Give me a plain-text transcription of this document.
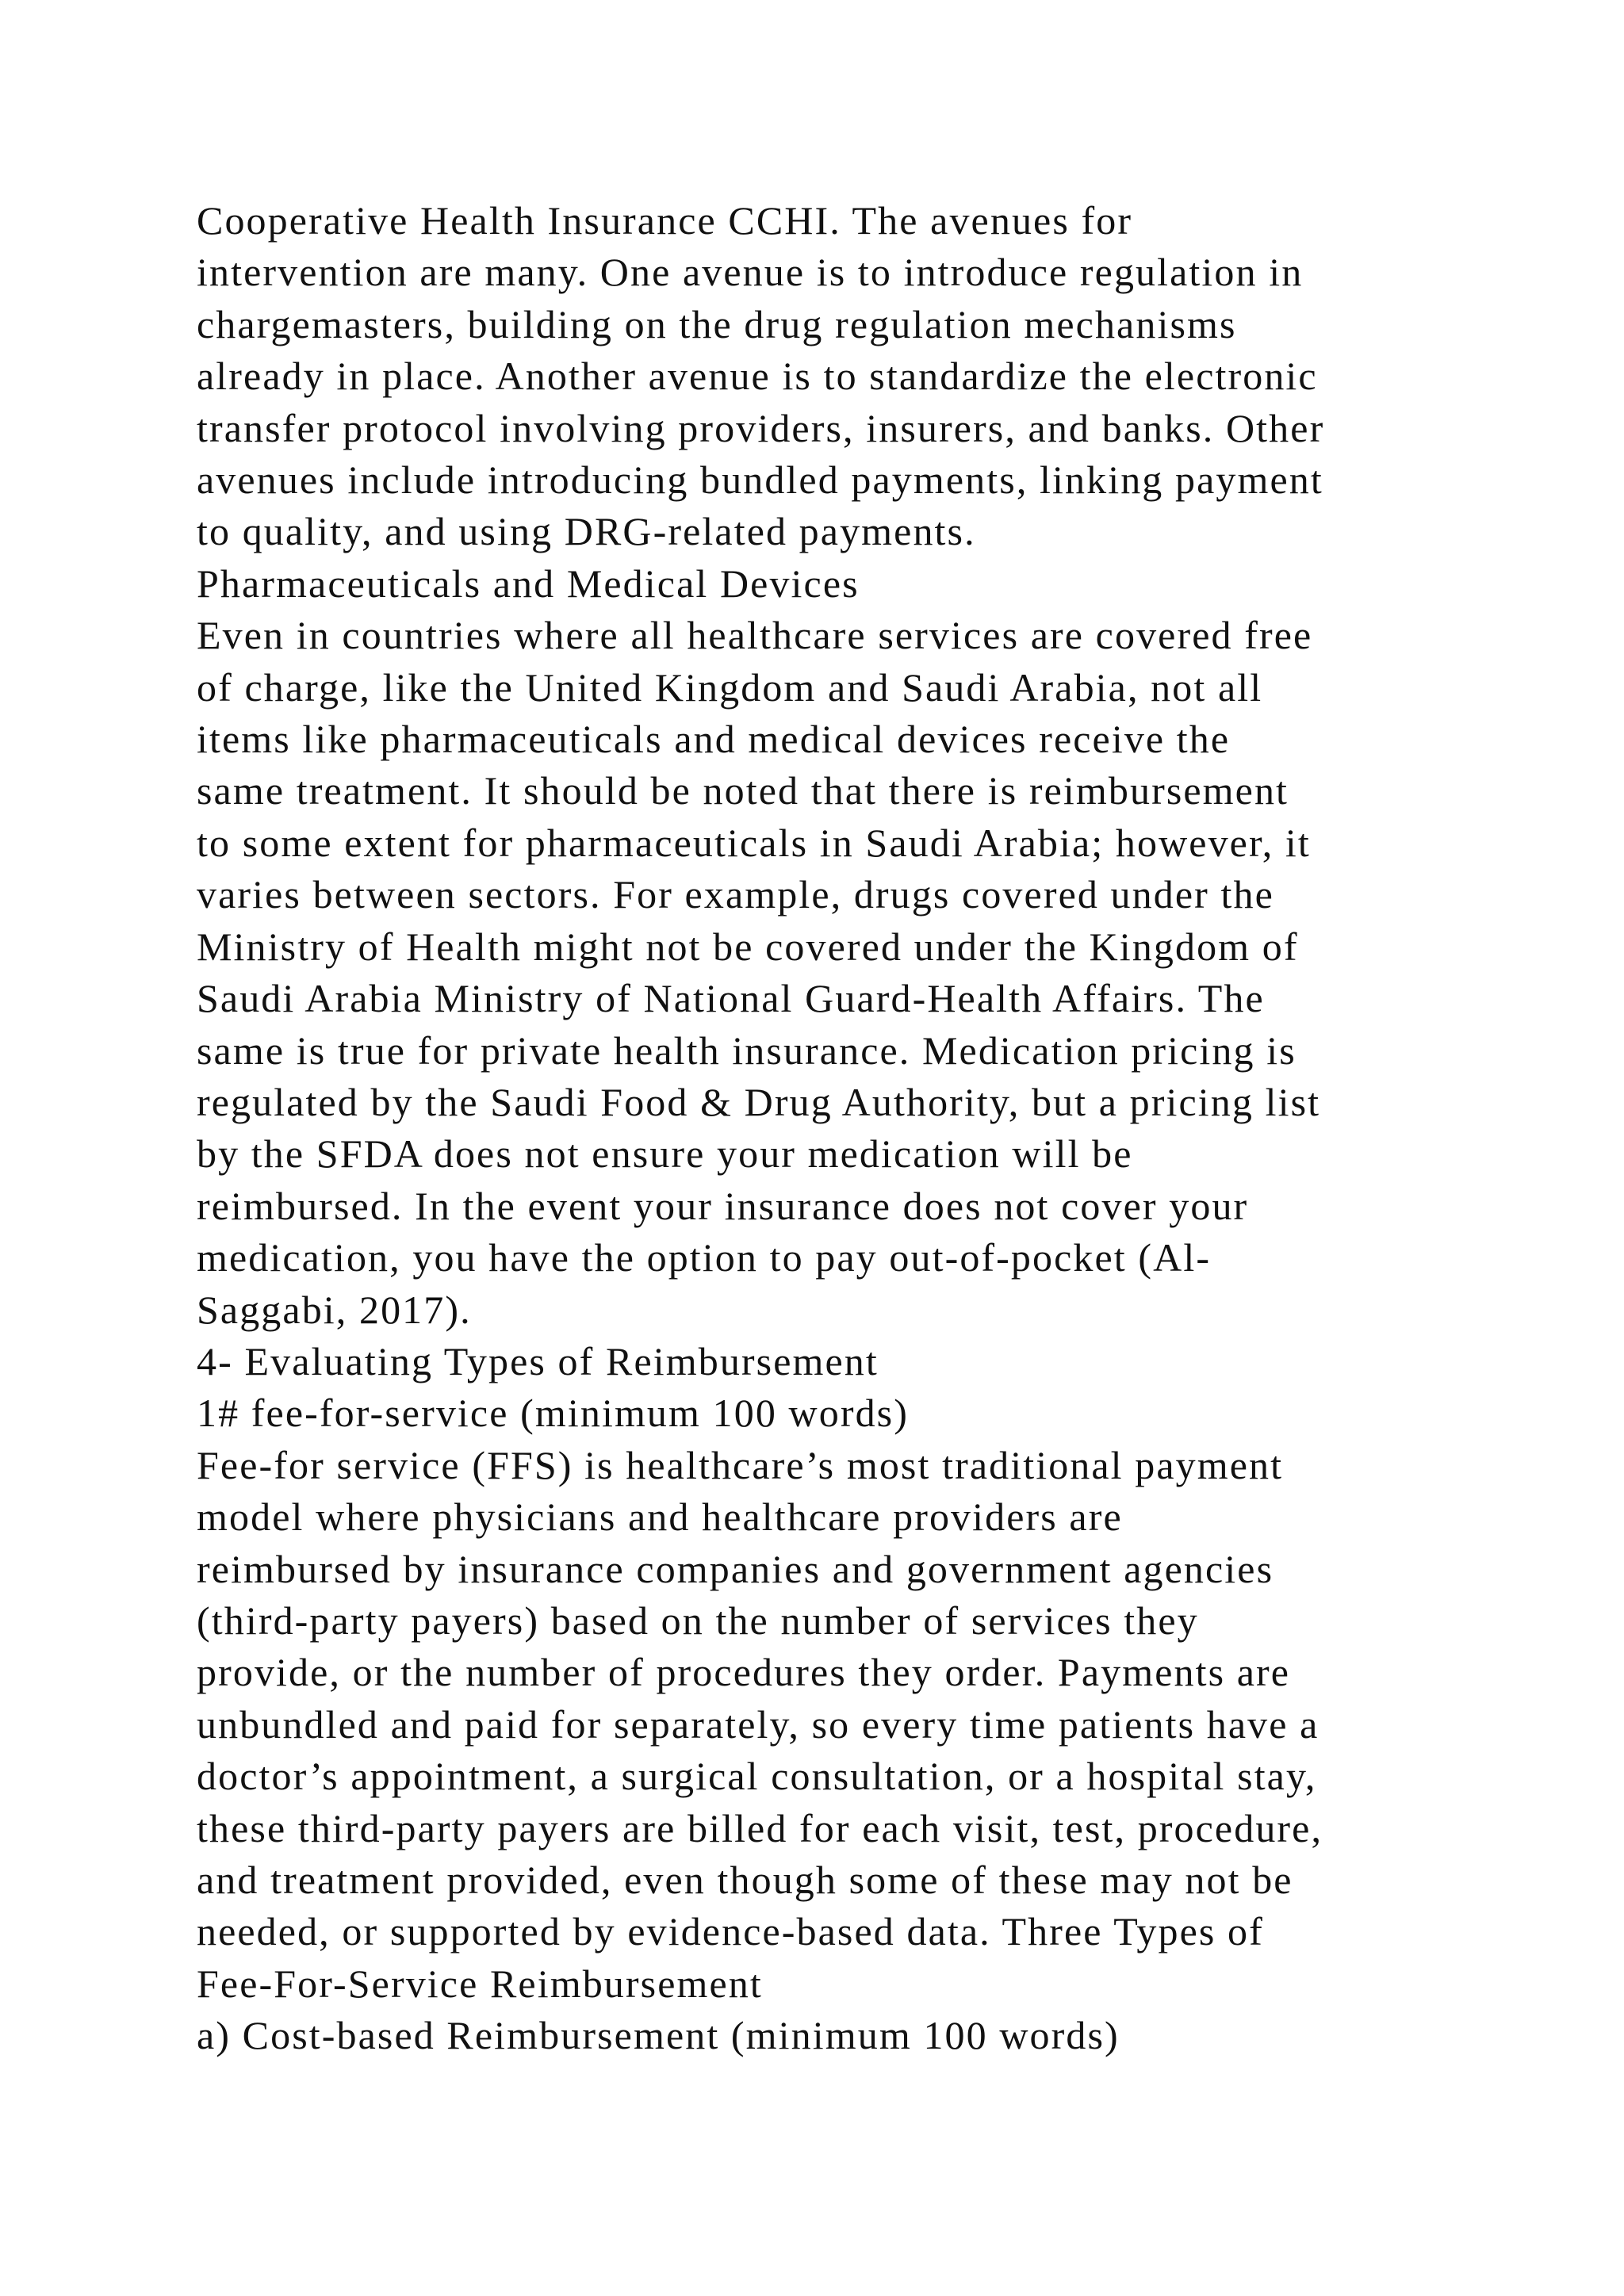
Cooperative Health Insurance CCHI. The avenues for
intervention are many. One avenue is to introduce regulation in
chargemasters, building on the drug regulation mechanisms
already in place. Another avenue is to standardize the electronic
transfer protocol involving providers, insurers, and banks. Other
avenues include introducing bundled payments, linking payment
to quality, and using DRG-related payments.
Pharmaceuticals and Medical Devices
Even in countries where all healthcare services are covered free
of charge, like the United Kingdom and Saudi Arabia, not all
items like pharmaceuticals and medical devices receive the
same treatment. It should be noted that there is reimbursement
to some extent for pharmaceuticals in Saudi Arabia; however, it
varies between sectors. For example, drugs covered under the
Ministry of Health might not be covered under the Kingdom of
Saudi Arabia Ministry of National Guard-Health Affairs. The
same is true for private health insurance. Medication pricing is
regulated by the Saudi Food & Drug Authority, but a pricing list
by the SFDA does not ensure your medication will be
reimbursed. In the event your insurance does not cover your
medication, you have the option to pay out-of-pocket (Al-
Saggabi, 2017).
4- Evaluating Types of Reimbursement
1# fee-for-service (minimum 100 words)
Fee-for service (FFS) is healthcare’s most traditional payment
model where physicians and healthcare providers are
reimbursed by insurance companies and government agencies
(third-party payers) based on the number of services they
provide, or the number of procedures they order. Payments are
unbundled and paid for separately, so every time patients have a
doctor’s appointment, a surgical consultation, or a hospital stay,
these third-party payers are billed for each visit, test, procedure,
and treatment provided, even though some of these may not be
needed, or supported by evidence-based data. Three Types of
Fee-For-Service Reimbursement
a) Cost-based Reimbursement (minimum 100 words)
